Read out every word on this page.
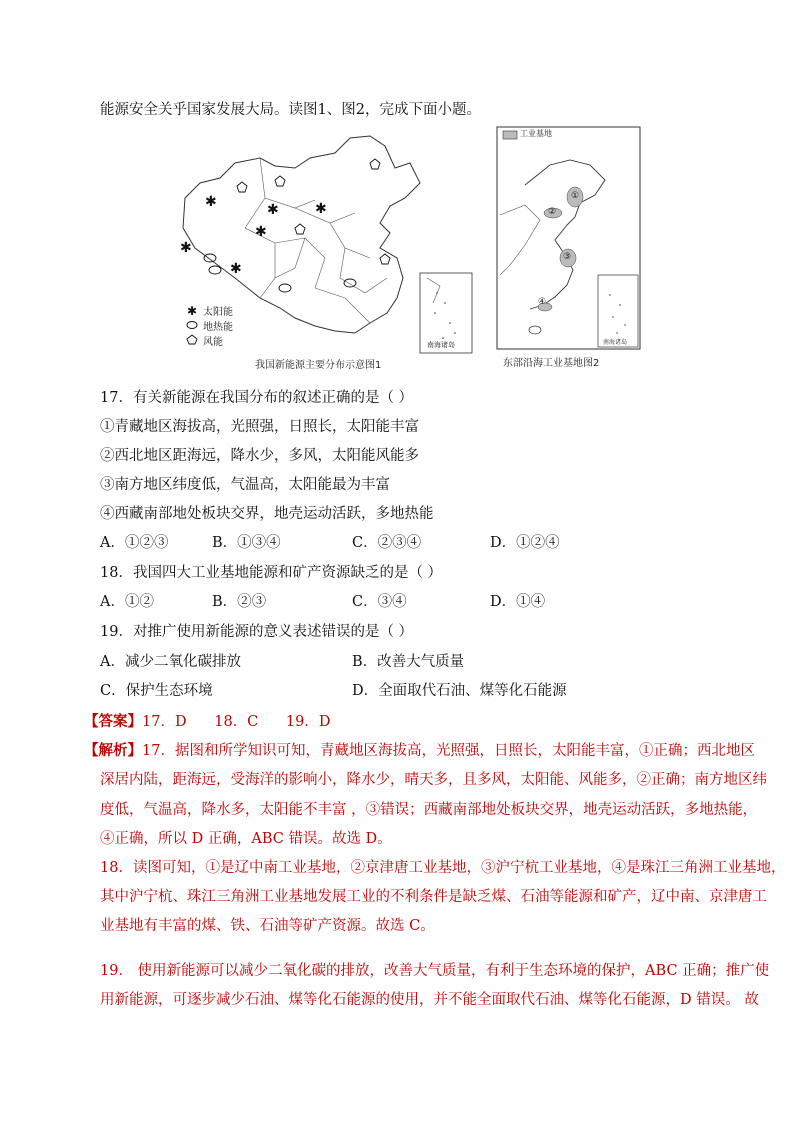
能源安全关乎国家发展大局。读图1、图2，完成下面小题。
✱	✱	✱
✱
✱
✱
✱ 太阳能
地热能
风能	南海诸岛
我国新能源主要分布示意图1
工业基地
①
②
③
④
南海诸岛
东部沿海工业基地图2
17．有关新能源在我国分布的叙述正确的是（ ）
①青藏地区海拔高，光照强，日照长，太阳能丰富
②西北地区距海远，降水少，多风，太阳能风能多
③南方地区纬度低，气温高，太阳能最为丰富
④西藏南部地处板块交界，地壳运动活跃，多地热能
A．①②③	B．①③④	C．②③④	D．①②④
18．我国四大工业基地能源和矿产资源缺乏的是（ ）
A．①②	B．②③	C．③④	D．①④
19．对推广使用新能源的意义表述错误的是（ ）
A．减少二氧化碳排放	B．改善大气质量
C．保护生态环境	D．全面取代石油、煤等化石能源
【答案】17．D      18．C      19．D
【解析】17．据图和所学知识可知，青藏地区海拔高，光照强，日照长，太阳能丰富，①正确；西北地区
深居内陆，距海远，受海洋的影响小，降水少，晴天多，且多风，太阳能、风能多，②正确；南方地区纬
度低，气温高，降水多，太阳能不丰富 ，③错误；西藏南部地处板块交界，地壳运动活跃，多地热能，
④正确，所以 D 正确，ABC 错误。故选 D。
18．读图可知，①是辽中南工业基地，②京津唐工业基地，③沪宁杭工业基地，④是珠江三角洲工业基地，
其中沪宁杭、珠江三角洲工业基地发展工业的不利条件是缺乏煤、石油等能源和矿产，辽中南、京津唐工
业基地有丰富的煤、铁、石油等矿产资源。故选 C。
19． 使用新能源可以减少二氧化碳的排放，改善大气质量，有利于生态环境的保护，ABC 正确；推广使
用新能源，可逐步减少石油、煤等化石能源的使用，并不能全面取代石油、煤等化石能源，D 错误。 故
